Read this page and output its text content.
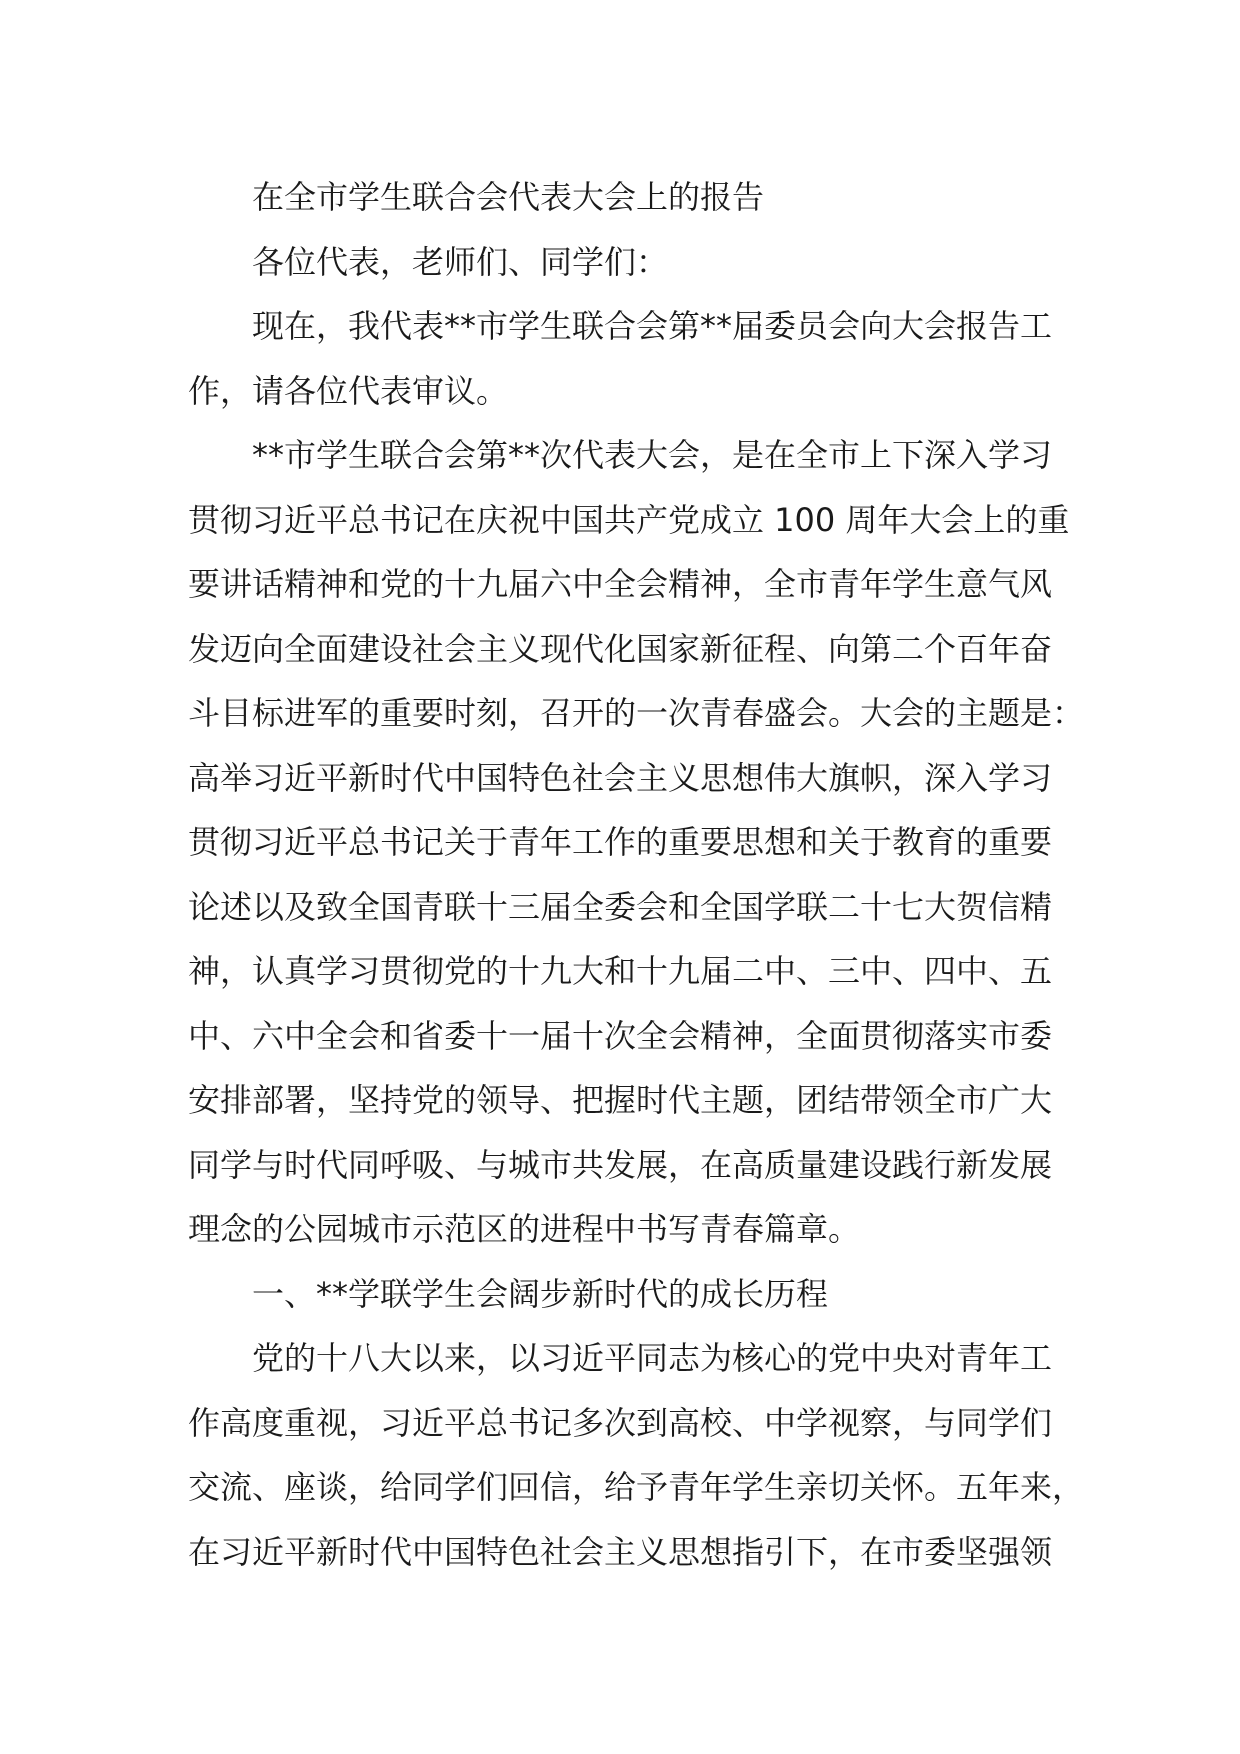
在全市学生联合会代表大会上的报告
各位代表，老师们、同学们：
现在，我代表**市学生联合会第**届委员会向大会报告工
作，请各位代表审议。
**市学生联合会第**次代表大会，是在全市上下深入学习
贯彻习近平总书记在庆祝中国共产党成立 100 周年大会上的重
要讲话精神和党的十九届六中全会精神，全市青年学生意气风
发迈向全面建设社会主义现代化国家新征程、向第二个百年奋
斗目标进军的重要时刻，召开的一次青春盛会。大会的主题是：
高举习近平新时代中国特色社会主义思想伟大旗帜，深入学习
贯彻习近平总书记关于青年工作的重要思想和关于教育的重要
论述以及致全国青联十三届全委会和全国学联二十七大贺信精
神，认真学习贯彻党的十九大和十九届二中、三中、四中、五
中、六中全会和省委十一届十次全会精神，全面贯彻落实市委
安排部署，坚持党的领导、把握时代主题，团结带领全市广大
同学与时代同呼吸、与城市共发展，在高质量建设践行新发展
理念的公园城市示范区的进程中书写青春篇章。
一、**学联学生会阔步新时代的成长历程
党的十八大以来，以习近平同志为核心的党中央对青年工
作高度重视，习近平总书记多次到高校、中学视察，与同学们
交流、座谈，给同学们回信，给予青年学生亲切关怀。五年来，
在习近平新时代中国特色社会主义思想指引下，在市委坚强领
